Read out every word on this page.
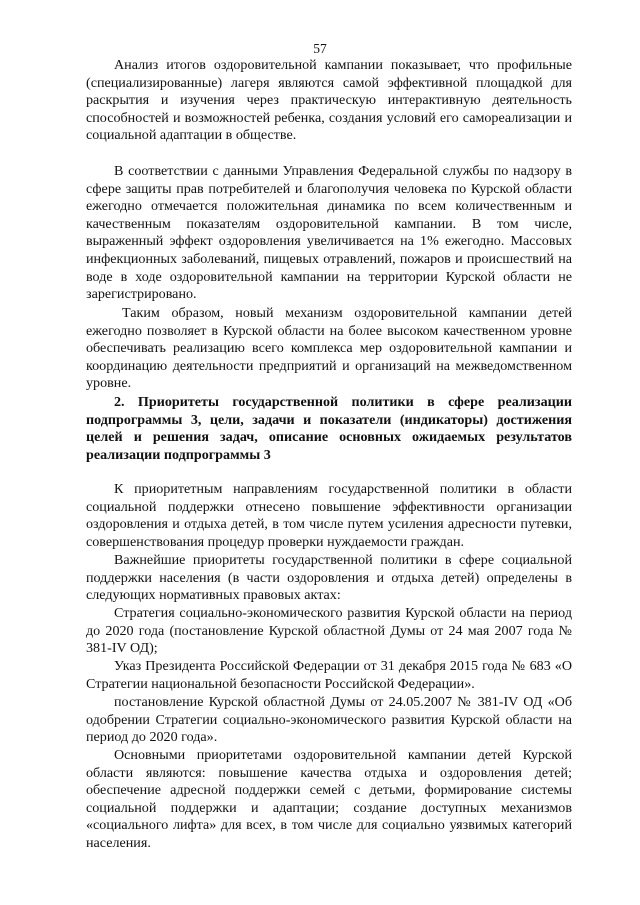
57

Анализ итогов оздоровительной кампании показывает, что профильные (специализированные) лагеря являются самой эффективной площадкой для раскрытия и изучения через практическую интерактивную деятельность способностей и возможностей ребенка, создания условий его самореализации и социальной адаптации в обществе.

В соответствии с данными Управления Федеральной службы по надзору в сфере защиты прав потребителей и благополучия человека по Курской области ежегодно отмечается положительная динамика по всем количественным и качественным показателям оздоровительной кампании. В том числе, выраженный эффект оздоровления увеличивается на 1% ежегодно. Массовых инфекционных заболеваний, пищевых отравлений, пожаров и происшествий на воде в ходе оздоровительной кампании на территории Курской области не зарегистрировано.

Таким образом, новый механизм оздоровительной кампании детей ежегодно позволяет в Курской области на более высоком качественном уровне обеспечивать реализацию всего комплекса мер оздоровительной кампании и координацию деятельности предприятий и организаций на межведомственном уровне.

2. Приоритеты государственной политики в сфере реализации подпрограммы 3, цели, задачи и показатели (индикаторы) достижения целей и решения задач, описание основных ожидаемых результатов реализации подпрограммы 3

К приоритетным направлениям государственной политики в области социальной поддержки отнесено повышение эффективности организации оздоровления и отдыха детей, в том числе путем усиления адресности путевки, совершенствования процедур проверки нуждаемости граждан.

Важнейшие приоритеты государственной политики в сфере социальной поддержки населения (в части оздоровления и отдыха детей) определены в следующих нормативных правовых актах:

Стратегия социально-экономического развития Курской области на период до 2020 года (постановление Курской областной Думы от 24 мая 2007 года № 381-IV ОД);

Указ Президента Российской Федерации от 31 декабря 2015 года № 683 «О Стратегии национальной безопасности Российской Федерации».

постановление Курской областной Думы от 24.05.2007 № 381-IV ОД «Об одобрении Стратегии социально-экономического развития Курской области на период до 2020 года».

Основными приоритетами оздоровительной кампании детей Курской области являются: повышение качества отдыха и оздоровления детей; обеспечение адресной поддержки семей с детьми, формирование системы социальной поддержки и адаптации; создание доступных механизмов «социального лифта» для всех, в том числе для социально уязвимых категорий населения.
